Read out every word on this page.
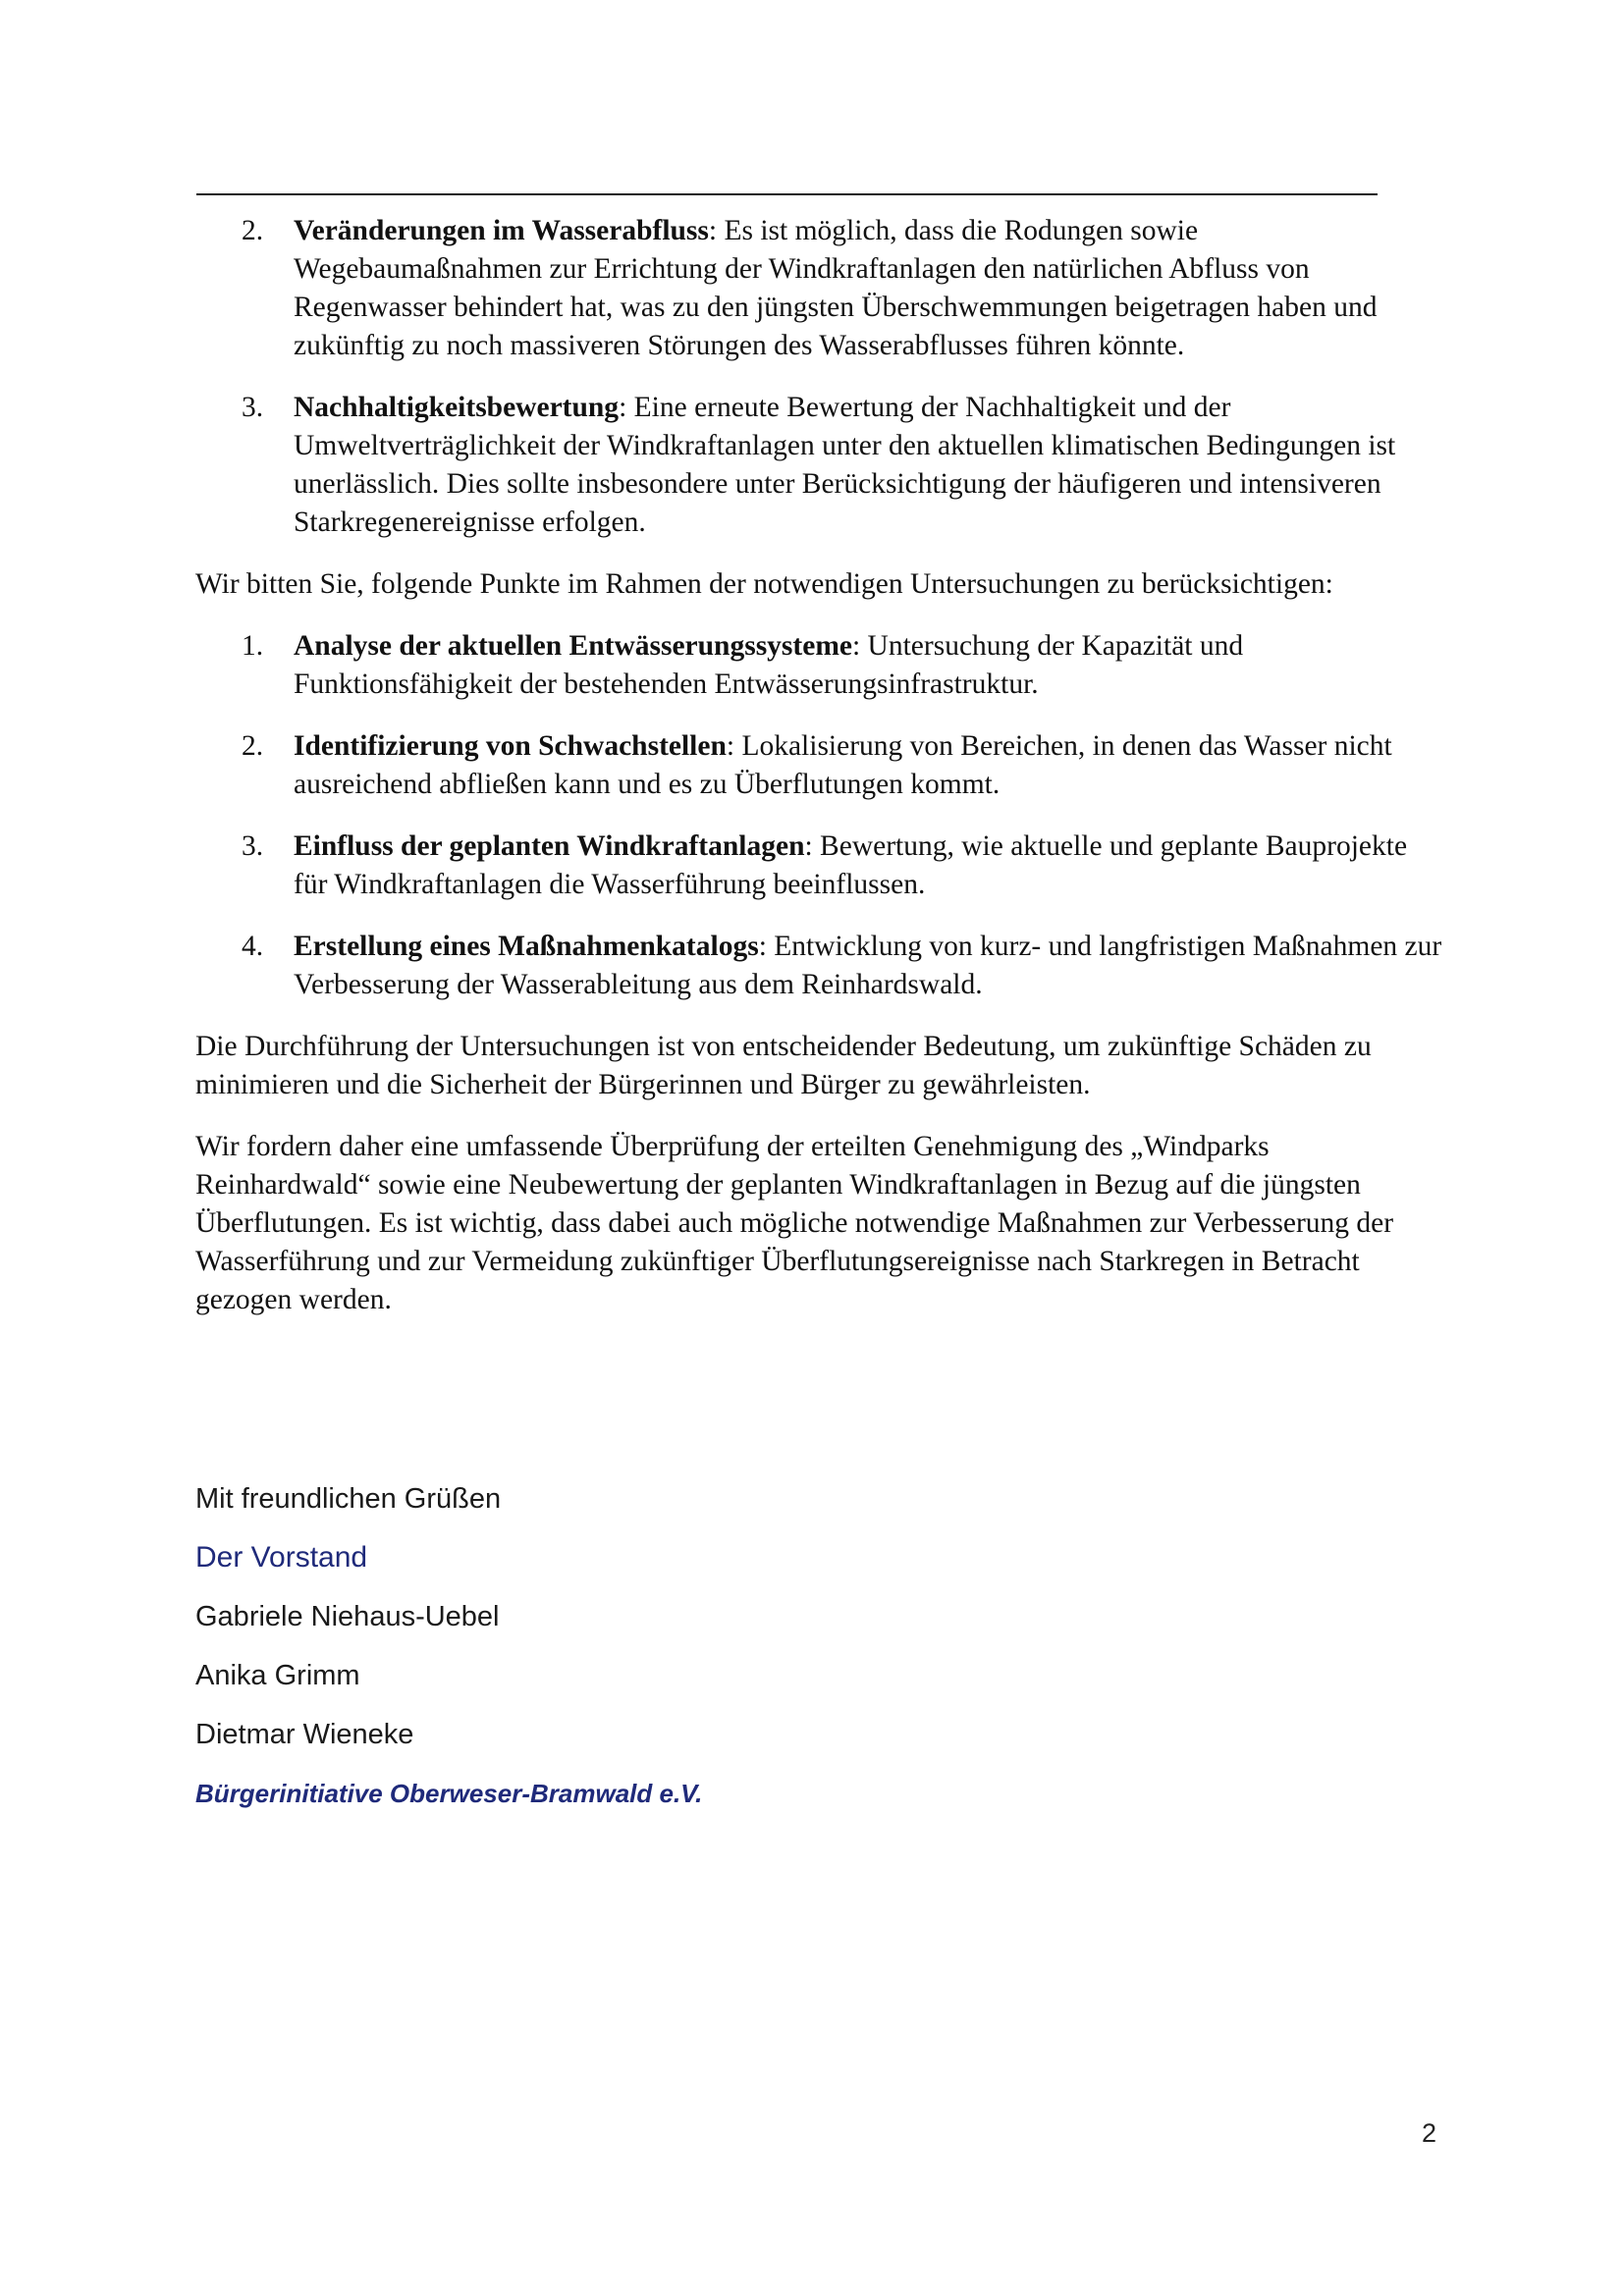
2. Veränderungen im Wasserabfluss: Es ist möglich, dass die Rodungen sowie Wegebaumaßnahmen zur Errichtung der Windkraftanlagen den natürlichen Abfluss von Regenwasser behindert hat, was zu den jüngsten Überschwemmungen beigetragen haben und zukünftig zu noch massiveren Störungen des Wasserabflusses führen könnte.
3. Nachhaltigkeitsbewertung: Eine erneute Bewertung der Nachhaltigkeit und der Umweltverträglichkeit der Windkraftanlagen unter den aktuellen klimatischen Bedingungen ist unerlässlich. Dies sollte insbesondere unter Berücksichtigung der häufigeren und intensiveren Starkregenereignisse erfolgen.

Wir bitten Sie, folgende Punkte im Rahmen der notwendigen Untersuchungen zu berücksichtigen:

1. Analyse der aktuellen Entwässerungssysteme: Untersuchung der Kapazität und Funktionsfähigkeit der bestehenden Entwässerungsinfrastruktur.
2. Identifizierung von Schwachstellen: Lokalisierung von Bereichen, in denen das Wasser nicht ausreichend abfließen kann und es zu Überflutungen kommt.
3. Einfluss der geplanten Windkraftanlagen: Bewertung, wie aktuelle und geplante Bauprojekte für Windkraftanlagen die Wasserführung beeinflussen.
4. Erstellung eines Maßnahmenkatalogs: Entwicklung von kurz- und langfristigen Maßnahmen zur Verbesserung der Wasserableitung aus dem Reinhardswald.

Die Durchführung der Untersuchungen ist von entscheidender Bedeutung, um zukünftige Schäden zu minimieren und die Sicherheit der Bürgerinnen und Bürger zu gewährleisten.

Wir fordern daher eine umfassende Überprüfung der erteilten Genehmigung des „Windparks Reinhardwald“ sowie eine Neubewertung der geplanten Windkraftanlagen in Bezug auf die jüngsten Überflutungen. Es ist wichtig, dass dabei auch mögliche notwendige Maßnahmen zur Verbesserung der Wasserführung und zur Vermeidung zukünftiger Überflutungsereignisse nach Starkregen in Betracht gezogen werden.

Mit freundlichen Grüßen
Der Vorstand
Gabriele Niehaus-Uebel
Anika Grimm
Dietmar Wieneke
Bürgerinitiative Oberweser-Bramwald e.V.
2
